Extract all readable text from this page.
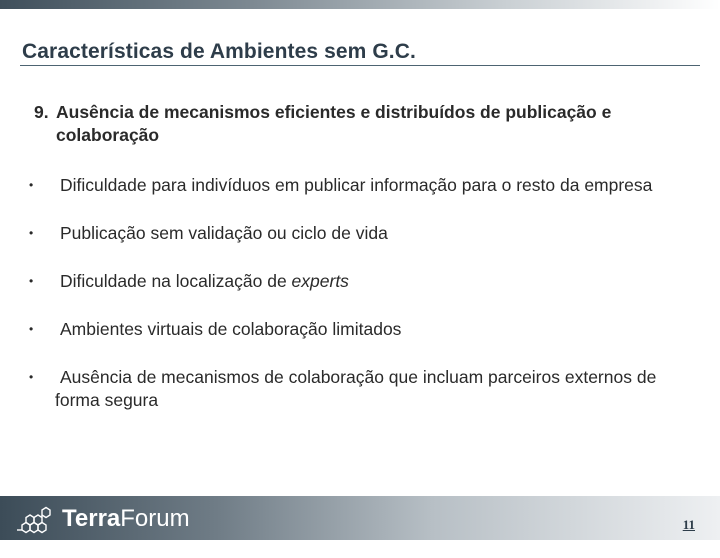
Características de Ambientes sem G.C.
9. Ausência de mecanismos eficientes e distribuídos de publicação e colaboração
• Dificuldade para indivíduos em publicar informação para o resto da empresa
• Publicação sem validação ou ciclo de vida
• Dificuldade na localização de experts
• Ambientes virtuais de colaboração limitados
• Ausência de mecanismos de colaboração que incluam parceiros externos de forma segura
TerraForum
CONSULTORES
11
